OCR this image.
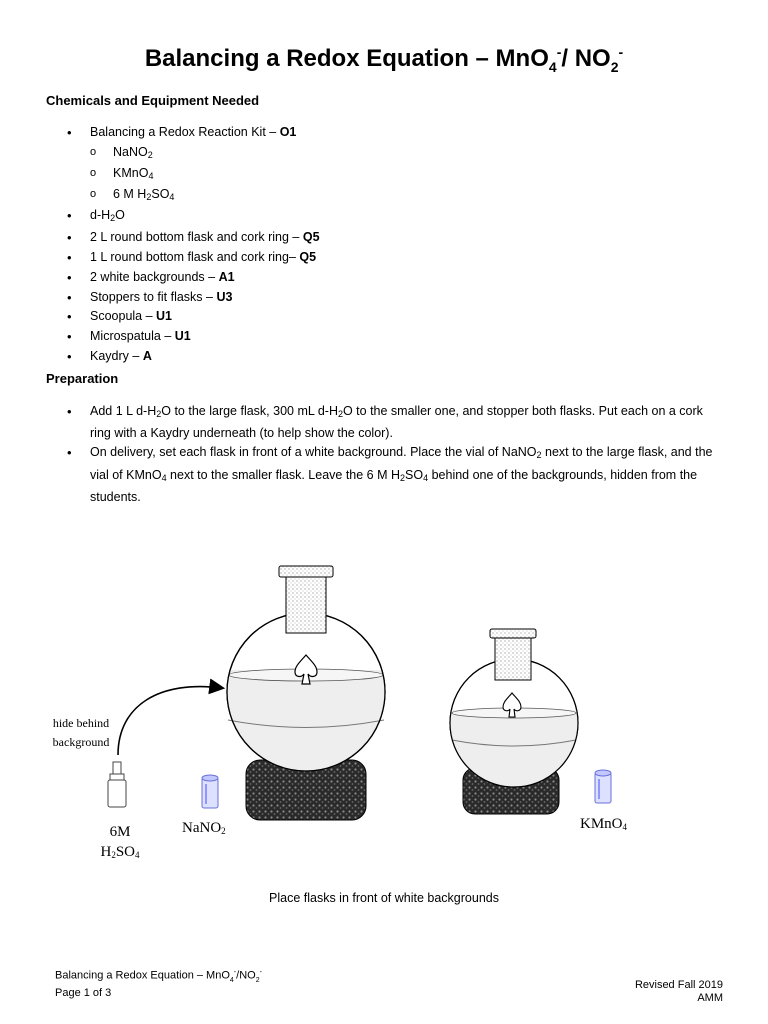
Balancing a Redox Equation – MnO$_4$-/ $NO_2^-$
Chemicals and Equipment Needed
• Balancing a Redox Reaction Kit – O1
o NaNO$_2$
o KMnO$_4$
o 6 M $H_2SO_4$
• $d-H_2O$
• 2 L round bottom flask and cork ring – Q5
• 1 L round bottom flask and cork ring– Q5
• 2 white backgrounds – A1
• Stoppers to fit flasks – U3
• Scoopula – U1
• Microspatula – U1
• Kaydry – A
Preparation
• Add 1 L $d-H_2O$ to the large flask, 300 mL $d-H_2O$ to the smaller one, and stopper both flasks. Put each on a cork ring with a Kaydry underneath (to help show the color).
• On delivery, set each flask in front of a white background. Place the vial of NaNO$_2$ next to the large flask, and the vial of KMnO$_4$ next to the smaller flask. Leave the 6 M $H_2SO_4$ behind one of the backgrounds, hidden from the students.
hide behind
background
6M
$H_2SO_4$
NaNO$_2$	KMnO$_4$
Place flasks in front of white backgrounds
Balancing a Redox Equation – $MnO_4^-/NO_2^-$
Page 1 of 3
Revised Fall 2019
AMM
